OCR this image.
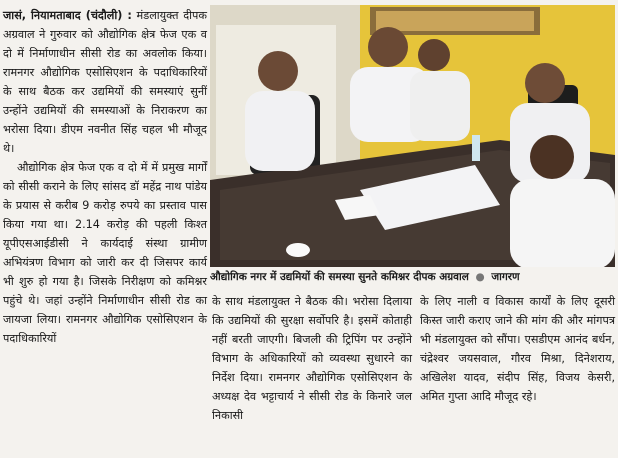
जासं, नियामताबाद (चंदौली) : मंडलायुक्त दीपक अग्रवाल ने गुरुवार को औद्योगिक क्षेत्र फेज एक व दो में निर्माणाधीन सीसी रोड का अवलोक किया। रामनगर औद्योगिक एसोसिएशन के पदाधिकारियों के साथ बैठक कर उद्यमियों की समस्याएं सुनीं उन्होंने उद्यमियों की समस्याओं के निराकरण का भरोसा दिया। डीएम नवनीत सिंह चहल भी मौजूद थे।

औद्योगिक क्षेत्र फेज एक व दो में में प्रमुख मार्गों को सीसी कराने के लिए सांसद डॉ महेंद्र नाथ पांडेय के प्रयास से करीब 9 करोड़ रुपये का प्रस्ताव पास किया गया था। 2.14 करोड़ की पहली किश्त यूपीएसआईडीसी ने कार्यदाई संस्था ग्रामीण अभियंत्रण विभाग को जारी कर दी जिसपर कार्य भी शुरु हो गया है। जिसके निरीक्षण को कमिश्नर पहुंचे थे। जहां उन्होंने निर्माणाधीन सीसी रोड का जायजा लिया। रामनगर औद्योगिक एसोसिएशन के पदाधिकारियों

औद्योगिक नगर में उद्यमियों की समस्या सुनते कमिश्नर दीपक अग्रवाल ● जागरण

के साथ मंडलायुक्त ने बैठक की। भरोसा दिलाया कि उद्यमियों की सुरक्षा सर्वोपरि है। इसमें कोताही नहीं बरती जाएगी। बिजली की ट्रिपिंग पर उन्होंने विभाग के अधिकारियों को व्यवस्था सुधारने का निर्देश दिया। रामनगर औद्योगिक एसोसिएशन के अध्यक्ष देव भट्टाचार्य ने सीसी रोड के किनारे जल निकासी

के लिए नाली व विकास कार्यों के लिए दूसरी किस्त जारी कराए जाने की मांग की और मांगपत्र भी मंडलायुक्त को सौंपा। एसडीएम आनंद बर्धन, चंद्रेश्वर जयसवाल, गौरव मिश्रा, दिनेशराय, अखिलेश यादव, संदीप सिंह, विजय केसरी, अमित गुप्ता आदि मौजूद रहे।
